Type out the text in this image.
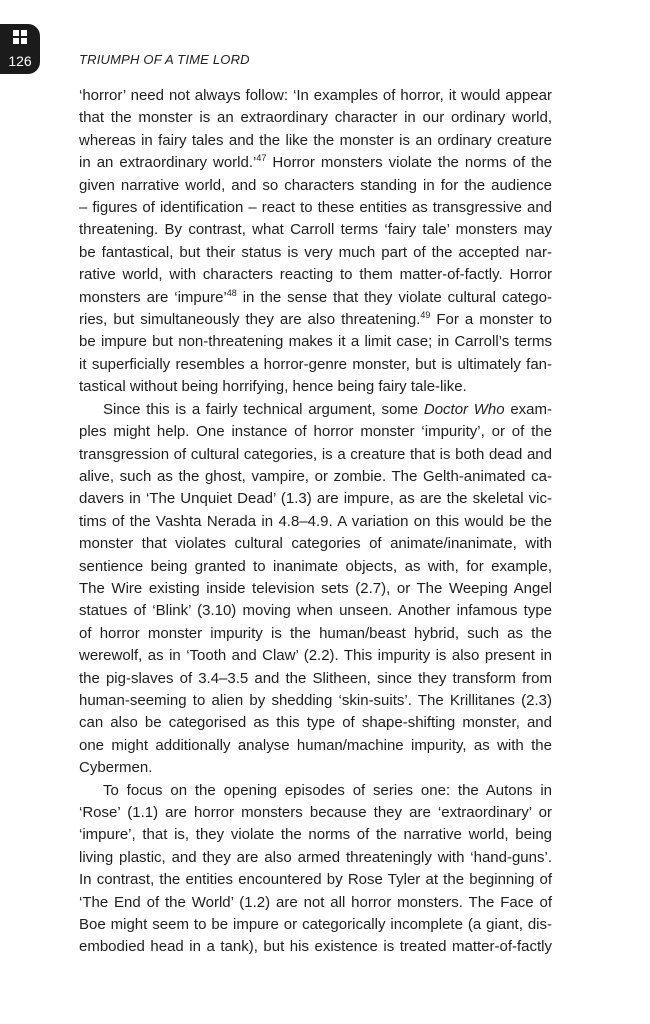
126	TRIUMPH OF A TIME LORD

‘horror’ need not always follow: ‘In examples of horror, it would appear
that the monster is an extraordinary character in our ordinary world,
whereas in fairy tales and the like the monster is an ordinary creature
in an extraordinary world.’$^{47}$ Horror monsters violate the norms of the
given narrative world, and so characters standing in for the audience
– figures of identification – react to these entities as transgressive and
threatening. By contrast, what Carroll terms ‘fairy tale’ monsters may
be fantastical, but their status is very much part of the accepted nar-
rative world, with characters reacting to them matter-of-factly. Horror
monsters are ‘impure’$^{48}$ in the sense that they violate cultural catego-
ries, but simultaneously they are also threatening.$^{49}$ For a monster to
be impure but non-threatening makes it a limit case; in Carroll’s terms
it superficially resembles a horror-genre monster, but is ultimately fan-
tastical without being horrifying, hence being fairy tale-like.

Since this is a fairly technical argument, some Doctor Who exam-
ples might help. One instance of horror monster ‘impurity’, or of the
transgression of cultural categories, is a creature that is both dead and
alive, such as the ghost, vampire, or zombie. The Gelth-animated ca-
davers in ‘The Unquiet Dead’ (1.3) are impure, as are the skeletal vic-
tims of the Vashta Nerada in 4.8–4.9. A variation on this would be the
monster that violates cultural categories of animate/inanimate, with
sentience being granted to inanimate objects, as with, for example,
The Wire existing inside television sets (2.7), or The Weeping Angel
statues of ‘Blink’ (3.10) moving when unseen. Another infamous type
of horror monster impurity is the human/beast hybrid, such as the
werewolf, as in ‘Tooth and Claw’ (2.2). This impurity is also present in
the pig-slaves of 3.4–3.5 and the Slitheen, since they transform from
human-seeming to alien by shedding ‘skin-suits’. The Krillitanes (2.3)
can also be categorised as this type of shape-shifting monster, and
one might additionally analyse human/machine impurity, as with the
Cybermen.

To focus on the opening episodes of series one: the Autons in
‘Rose’ (1.1) are horror monsters because they are ‘extraordinary’ or
‘impure’, that is, they violate the norms of the narrative world, being
living plastic, and they are also armed threateningly with ‘hand-guns’.
In contrast, the entities encountered by Rose Tyler at the beginning of
‘The End of the World’ (1.2) are not all horror monsters. The Face of
Boe might seem to be impure or categorically incomplete (a giant, dis-
embodied head in a tank), but his existence is treated matter-of-factly
